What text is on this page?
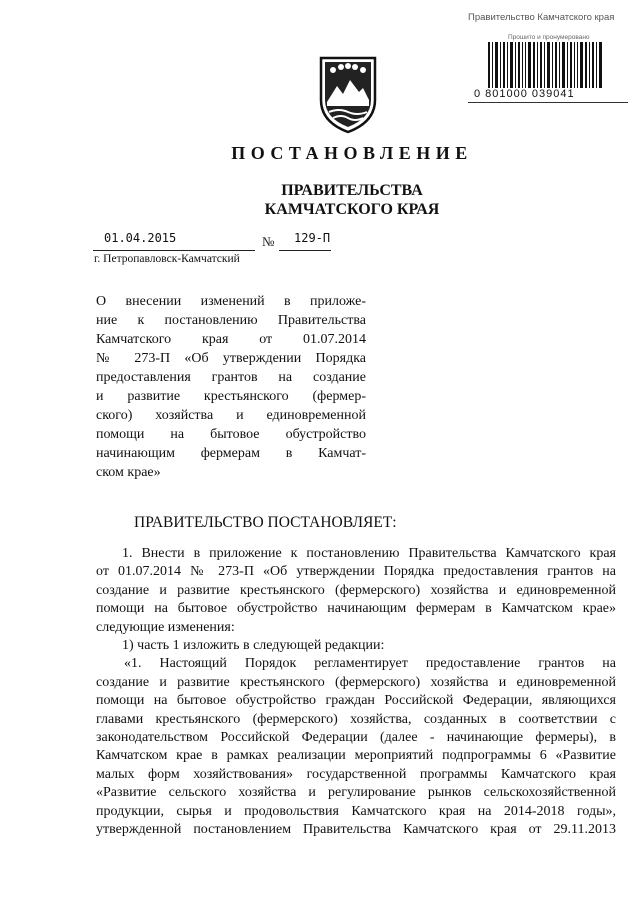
Правительство Камчатского края
Прошито и пронумеровано
0 801000 039041
ПОСТАНОВЛЕНИЕ
ПРАВИТЕЛЬСТВА
КАМЧАТСКОГО КРАЯ
01.04.2015	№ 129-П
г. Петропавловск-Камчатский
О внесении изменений в приложе-
ние к постановлению Правительства
Камчатского края от 01.07.2014
№ 273-П «Об утверждении Порядка
предоставления грантов на создание
и развитие крестьянского (фермер-
ского) хозяйства и единовременной
помощи на бытовое обустройство
начинающим фермерам в Камчат-
ском крае»
ПРАВИТЕЛЬСТВО ПОСТАНОВЛЯЕТ:
1. Внести в приложение к постановлению Правительства Камчатского края
от 01.07.2014 № 273-П «Об утверждении Порядка предоставления грантов на
создание и развитие крестьянского (фермерского) хозяйства и единовременной
помощи на бытовое обустройство начинающим фермерам в Камчатском крае»
следующие изменения:
1) часть 1 изложить в следующей редакции:
«1. Настоящий Порядок регламентирует предоставление грантов на
создание и развитие крестьянского (фермерского) хозяйства и единовременной
помощи на бытовое обустройство граждан Российской Федерации, являющихся
главами крестьянского (фермерского) хозяйства, созданных в соответствии с
законодательством Российской Федерации (далее - начинающие фермеры), в
Камчатском крае в рамках реализации мероприятий подпрограммы 6 «Развитие
малых форм хозяйствования» государственной программы Камчатского края
«Развитие сельского хозяйства и регулирование рынков сельскохозяйственной
продукции, сырья и продовольствия Камчатского края на 2014-2018 годы»,
утвержденной постановлением Правительства Камчатского края от 29.11.2013
